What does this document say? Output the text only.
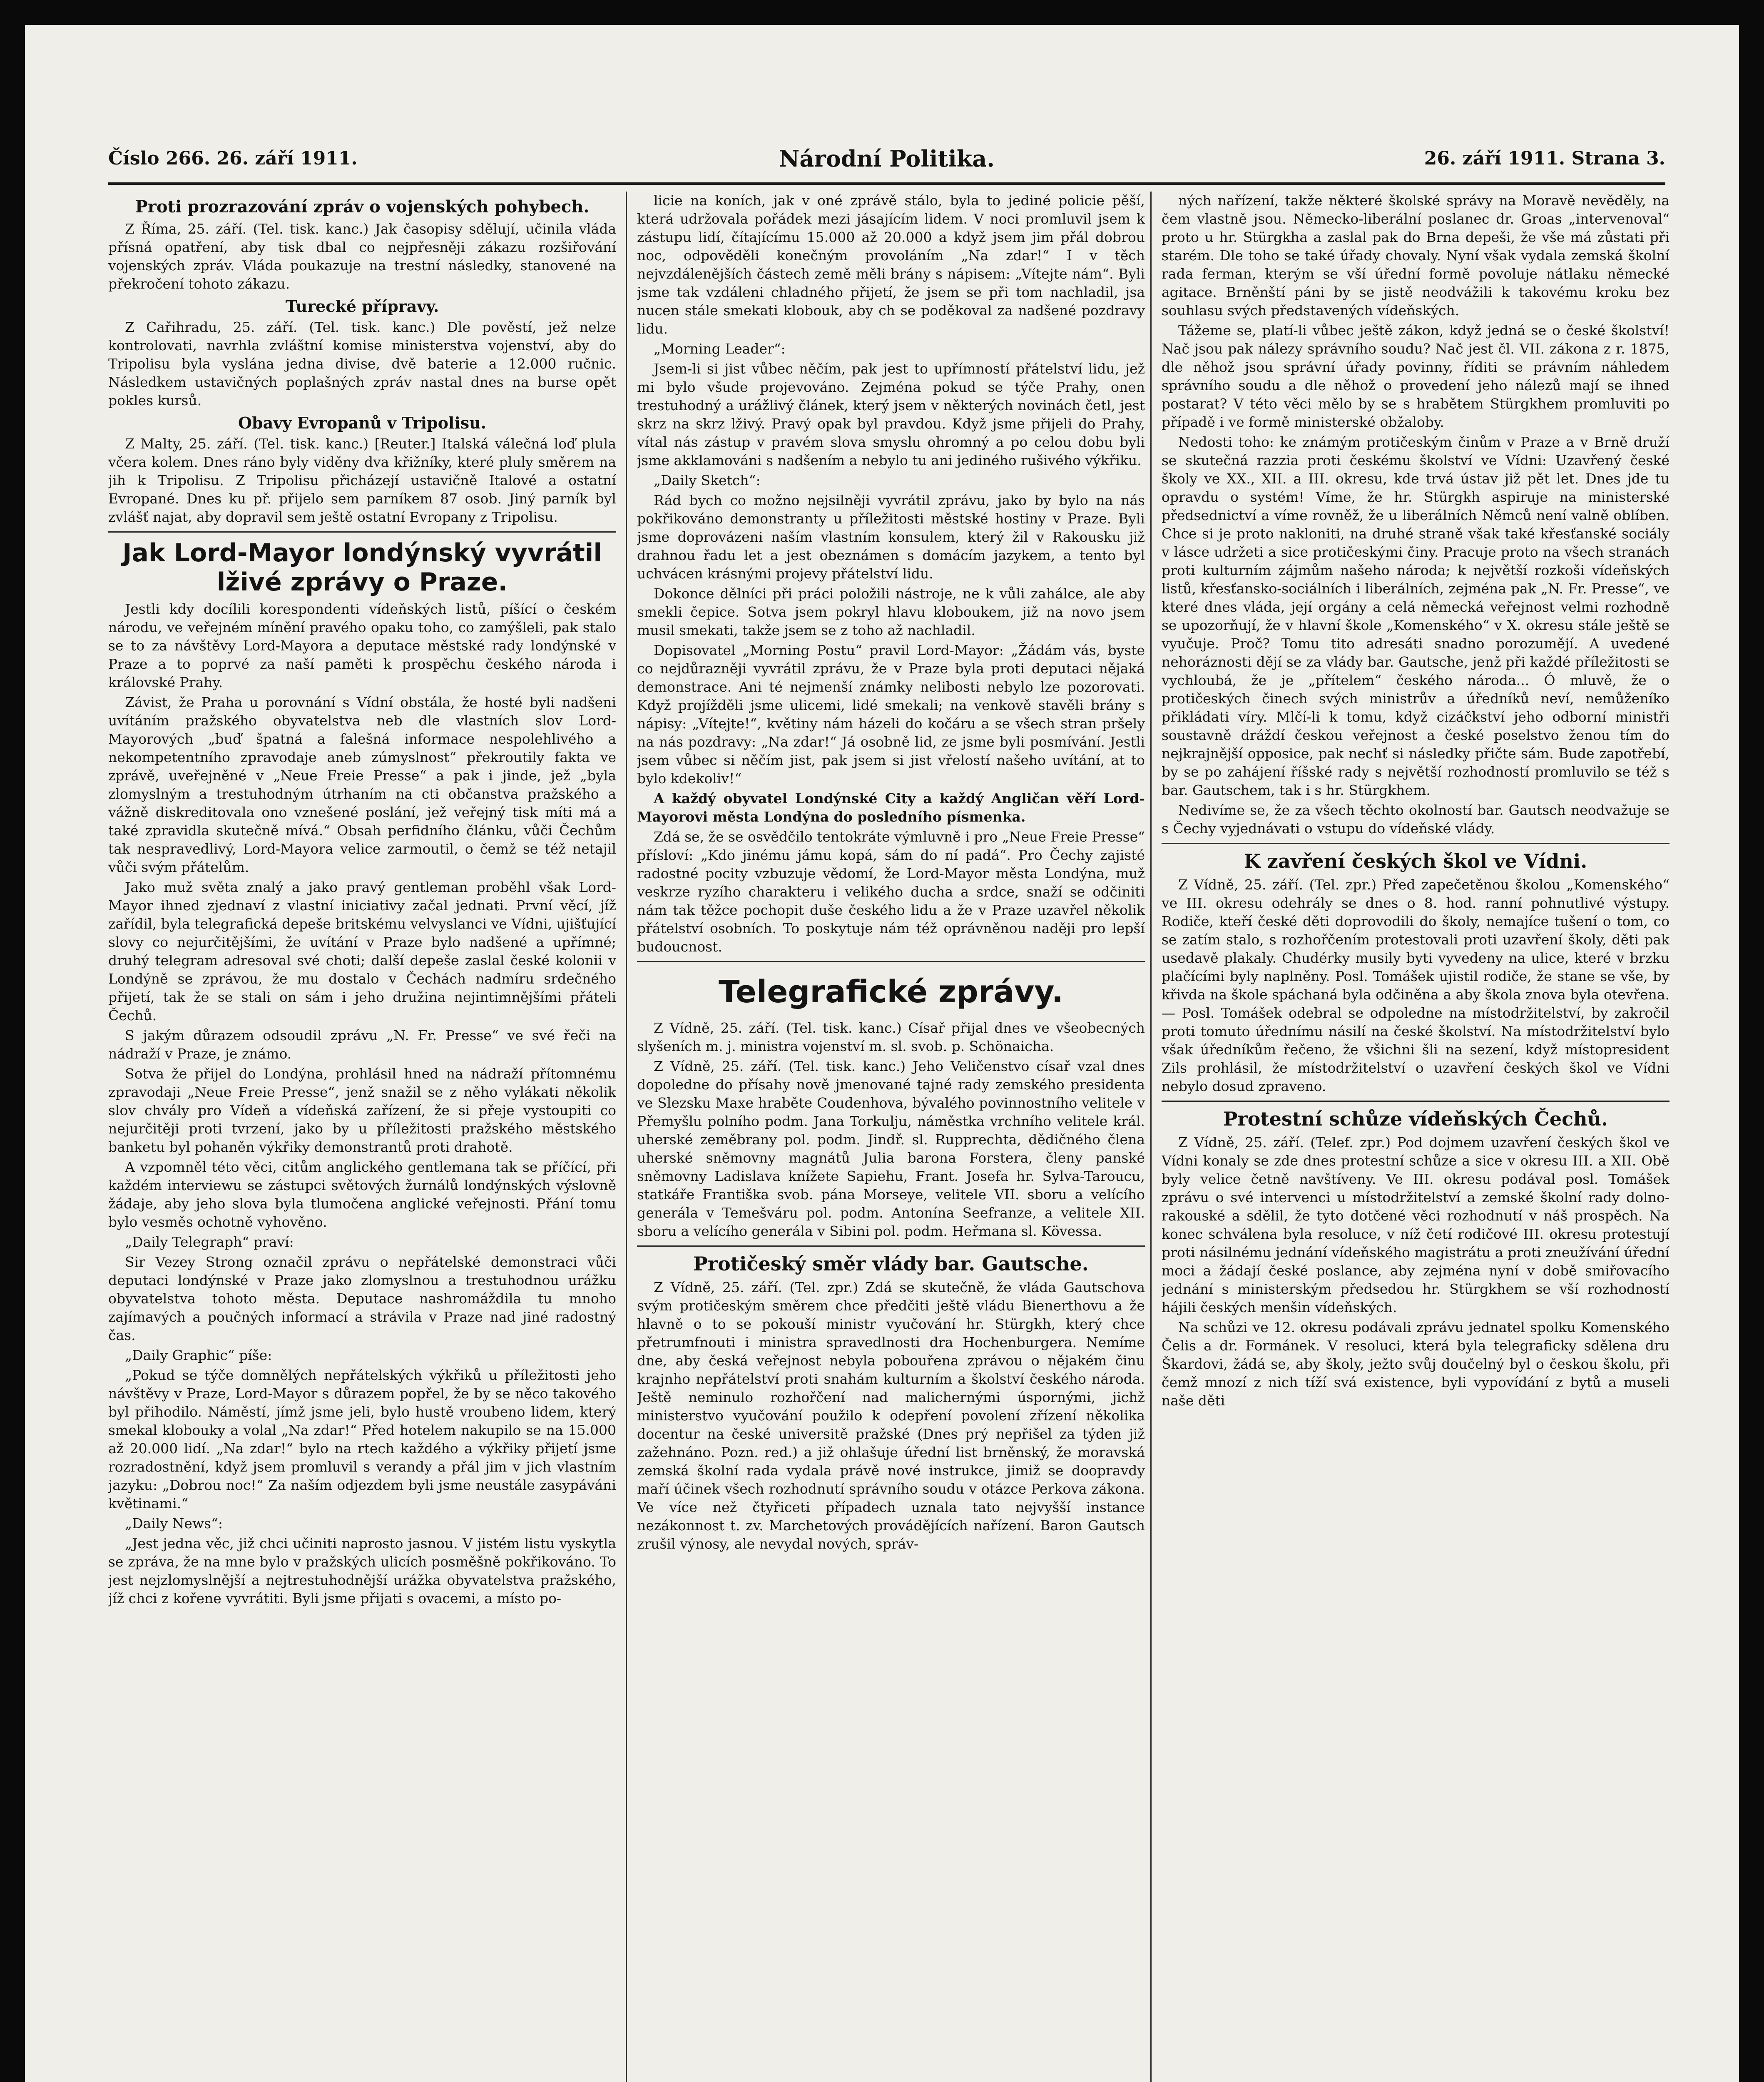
Číslo 266. 26. září 1911.	Národní Politika.	26. září 1911. Strana 3.
Proti prozrazování zpráv o vojenských pohybech.

Z Říma, 25. září. (Tel. tisk. kanc.) Jak časopisy sdělují, učinila vláda přísná opatření, aby tisk dbal co nejpřesněji zákazu rozšiřování vojenských zpráv. Vláda poukazuje na trestní následky, stanovené na překročení tohoto zákazu.

Turecké přípravy.

Z Cařihradu, 25. září. (Tel. tisk. kanc.) Dle pověstí, jež nelze kontrolovati, navrhla zvláštní komise ministerstva vojenství, aby do Tripolisu byla vyslána jedna divise, dvě baterie a 12.000 ručnic. Následkem ustavičných poplašných zpráv nastal dnes na burse opět pokles kursů.

Obavy Evropanů v Tripolisu.

Z Malty, 25. září. (Tel. tisk. kanc.) [Reuter.] Italská válečná loď plula včera kolem. Dnes ráno byly viděny dva křižníky, které pluly směrem na jih k Tripolisu. Z Tripolisu přicházejí ustavičně Italové a ostatní Evropané. Dnes ku př. přijelo sem parníkem 87 osob. Jiný parník byl zvlášť najat, aby dopravil sem ještě ostatní Evropany z Tripolisu.

Jak Lord-Mayor londýnský vyvrátil lživé zprávy o Praze.

Jestli kdy docílili korespondenti vídeňských listů, píšící o českém národu, ve veřejném mínění pravého opaku toho, co zamýšleli, pak stalo se to za návštěvy Lord-Mayora a deputace městské rady londýnské v Praze a to poprvé za naší paměti k prospěchu českého národa i královské Prahy.

Závist, že Praha u porovnání s Vídní obstála, že hosté byli nadšeni uvítáním pražského obyvatelstva neb dle vlastních slov Lord-Mayorových „buď špatná a falešná informace nespolehlivého a nekompetentního zpravodaje aneb zúmyslnost“ překroutily fakta ve zprávě, uveřejněné v „Neue Freie Presse“ a pak i jinde, jež „byla zlomyslným a trestuhodným útrhaním na cti občanstva pražského a vážně diskreditovala ono vznešené poslání, jež veřejný tisk míti má a také zpravidla skutečně mívá.“ Obsah perfidního článku, vůči Čechům tak nespravedlivý, Lord-Mayora velice zarmoutil, o čemž se též netajil vůči svým přátelům.

Jako muž světa znalý a jako pravý gentleman proběhl však Lord-Mayor ihned zjednaví z vlastní iniciativy začal jednati. První věcí, jíž zařídil, byla telegrafická depeše britskému velvyslanci ve Vídni, ujišťující slovy co nejurčitějšími, že uvítání v Praze bylo nadšené a upřímné; druhý telegram adresoval své choti; další depeše zaslal české kolonii v Londýně se zprávou, že mu dostalo v Čechách nadmíru srdečného přijetí, tak že se stali on sám i jeho družina nejintimnějšími přáteli Čechů.

S jakým důrazem odsoudil zprávu „N. Fr. Presse“ ve své řeči na nádraží v Praze, je známo.

Sotva že přijel do Londýna, prohlásil hned na nádraží přítomnému zpravodaji „Neue Freie Presse“, jenž snažil se z něho vylákati několik slov chvály pro Vídeň a vídeňská zařízení, že si přeje vystoupiti co nejurčitěji proti tvrzení, jako by u příležitosti pražského městského banketu byl pohaněn výkřiky demonstrantů proti drahotě.

A vzpomněl této věci, citům anglického gentlemana tak se příčící, při každém interviewu se zástupci světových žurnálů londýnských výslovně žádaje, aby jeho slova byla tlumočena anglické veřejnosti. Přání tomu bylo vesměs ochotně vyhověno.

„Daily Telegraph“ praví:

Sir Vezey Strong označil zprávu o nepřátelské demonstraci vůči deputaci londýnské v Praze jako zlomyslnou a trestuhodnou urážku obyvatelstva tohoto města. Deputace nashromáždila tu mnoho zajímavých a poučných informací a strávila v Praze nad jiné radostný čas.

„Daily Graphic“ píše:

„Pokud se týče domnělých nepřátelských výkřiků u příležitosti jeho návštěvy v Praze, Lord-Mayor s důrazem popřel, že by se něco takového byl přihodilo. Náměstí, jímž jsme jeli, bylo hustě vroubeno lidem, který smekal klobouky a volal „Na zdar!“ Před hotelem nakupilo se na 15.000 až 20.000 lidí. „Na zdar!“ bylo na rtech každého a výkřiky přijetí jsme rozradostnění, když jsem promluvil s verandy a přál jim v jich vlastním jazyku: „Dobrou noc!“ Za naším odjezdem byli jsme neustále zasypáváni květinami.“

„Daily News“:

„Jest jedna věc, již chci učiniti naprosto jasnou. V jistém listu vyskytla se zpráva, že na mne bylo v pražských ulicích posměšně pokřikováno. To jest nejzlomyslnější a nejtrestuhodnější urážka obyvatelstva pražského, jíž chci z kořene vyvrátiti. Byli jsme přijati s ovacemi, a místo po-

licie na koních, jak v oné zprávě stálo, byla to jediné policie pěší, která udržovala pořádek mezi jásajícím lidem. V noci promluvil jsem k zástupu lidí, čítajícímu 15.000 až 20.000 a když jsem jim přál dobrou noc, odpověděli konečným provoláním „Na zdar!“ I v těch nejvzdálenějších částech země měli brány s nápisem: „Vítejte nám“. Byli jsme tak vzdáleni chladného přijetí, že jsem se při tom nachladil, jsa nucen stále smekati klobouk, aby ch se poděkoval za nadšené pozdravy lidu.

„Morning Leader“:

Jsem-li si jist vůbec něčím, pak jest to upřímností přátelství lidu, jež mi bylo všude projevováno. Zejména pokud se týče Prahy, onen trestuhodný a urážlivý článek, který jsem v některých novinách četl, jest skrz na skrz lživý. Pravý opak byl pravdou. Když jsme přijeli do Prahy, vítal nás zástup v pravém slova smyslu ohromný a po celou dobu byli jsme akklamováni s nadšením a nebylo tu ani jediného rušivého výkřiku.

„Daily Sketch“:

Rád bych co možno nejsilněji vyvrátil zprávu, jako by bylo na nás pokřikováno demonstranty u příležitosti městské hostiny v Praze. Byli jsme doprovázeni naším vlastním konsulem, který žil v Rakousku již drahnou řadu let a jest obeznámen s domácím jazykem, a tento byl uchvácen krásnými projevy přátelství lidu.

Dokonce dělníci při práci položili nástroje, ne k vůli zahálce, ale aby smekli čepice. Sotva jsem pokryl hlavu kloboukem, již na novo jsem musil smekati, takže jsem se z toho až nachladil.

Dopisovatel „Morning Postu“ pravil Lord-Mayor: „Žádám vás, byste co nejdůrazněji vyvrátil zprávu, že v Praze byla proti deputaci nějaká demonstrace. Ani té nejmenší známky nelibosti nebylo lze pozorovati. Když projížděli jsme ulicemi, lidé smekali; na venkově stavěli brány s nápisy: „Vítejte!“, květiny nám házeli do kočáru a se všech stran pršely na nás pozdravy: „Na zdar!“ Já osobně lid, ze jsme byli posmívání. Jestli jsem vůbec si něčím jist, pak jsem si jist vřelostí našeho uvítání, at to bylo kdekoliv!“

A každý obyvatel Londýnské City a každý Angličan věří Lord-Mayorovi města Londýna do posledního písmenka.

Zdá se, že se osvědčilo tentokráte výmluvně i pro „Neue Freie Presse“ přísloví: „Kdo jinému jámu kopá, sám do ní padá“. Pro Čechy zajisté radostné pocity vzbuzuje vědomí, že Lord-Mayor města Londýna, muž veskrze ryzího charakteru i velikého ducha a srdce, snaží se odčiniti nám tak těžce pochopit duše českého lidu a že v Praze uzavřel několik přátelství osobních. To poskytuje nám též oprávněnou naději pro lepší budoucnost.

Telegrafické zprávy.

Z Vídně, 25. září. (Tel. tisk. kanc.) Císař přijal dnes ve všeobecných slyšeních m. j. ministra vojenství m. sl. svob. p. Schönaicha.

Z Vídně, 25. září. (Tel. tisk. kanc.) Jeho Veličenstvo císař vzal dnes dopoledne do přísahy nově jmenované tajné rady zemského presidenta ve Slezsku Maxe hraběte Coudenhova, bývalého povinnostního velitele v Přemyšlu polního podm. Jana Torkulju, náměstka vrchního velitele král. uherské zeměbrany pol. podm. Jindř. sl. Rupprechta, dědičného člena uherské sněmovny magnátů Julia barona Forstera, členy panské sněmovny Ladislava knížete Sapiehu, Frant. Josefa hr. Sylva-Taroucu, statkáře Františka svob. pána Morseye, velitele VII. sboru a velícího generála v Temešváru pol. podm. Antonína Seefranze, a velitele XII. sboru a velícího generála v Sibini pol. podm. Heřmana sl. Kövessa.

Protičeský směr vlády bar. Gautsche.

Z Vídně, 25. září. (Tel. zpr.) Zdá se skutečně, že vláda Gautschova svým protičeským směrem chce předčiti ještě vládu Bienerthovu a že hlavně o to se pokouší ministr vyučování hr. Stürgkh, který chce přetrumfnouti i ministra spravedlnosti dra Hochenburgera. Nemíme dne, aby česká veřejnost nebyla pobouřena zprávou o nějakém činu krajnho nepřátelství proti snahám kulturním a školství českého národa. Ještě neminulo rozhořčení nad malichernými úspornými, jichž ministerstvo vyučování použilo k odepření povolení zřízení několika docentur na české universitě pražské (Dnes prý nepřišel za týden již zažehnáno. Pozn. red.) a již ohlašuje úřední list brněnský, že moravská zemská školní rada vydala právě nové instrukce, jimiž se doopravdy maří účinek všech rozhodnutí správního soudu v otázce Perkova zákona. Ve více než čtyřiceti případech uznala tato nejvyšší instance nezákonnost t. zv. Marchetových provádějících nařízení. Baron Gautsch zrušil výnosy, ale nevydal nových, správ-

ných nařízení, takže některé školské správy na Moravě nevěděly, na čem vlastně jsou. Německo-liberální poslanec dr. Groas „intervenoval“ proto u hr. Stürgkha a zaslal pak do Brna depeši, že vše má zůstati při starém. Dle toho se také úřady chovaly. Nyní však vydala zemská školní rada ferman, kterým se vší úřední formě povoluje nátlaku německé agitace. Brněnští páni by se jistě neodvážili k takovému kroku bez souhlasu svých představených vídeňských.

Tážeme se, platí-li vůbec ještě zákon, když jedná se o české školství! Nač jsou pak nálezy správního soudu? Nač jest čl. VII. zákona z r. 1875, dle něhož jsou správní úřady povinny, říditi se právním náhledem správního soudu a dle něhož o provedení jeho nálezů mají se ihned postarat? V této věci mělo by se s hrabětem Stürgkhem promluviti po případě i ve formě ministerské obžaloby.

Nedosti toho: ke známým protičeským činům v Praze a v Brně druží se skutečná razzia proti českému školství ve Vídni: Uzavřený české školy ve XX., XII. a III. okresu, kde trvá ústav již pět let. Dnes jde tu opravdu o systém! Víme, že hr. Stürgkh aspiruje na ministerské předsednictví a víme rovněž, že u liberálních Němců není valně oblíben. Chce si je proto nakloniti, na druhé straně však také křesťanské sociály v lásce udržeti a sice protičeskými činy. Pracuje proto na všech stranách proti kulturním zájmům našeho národa; k největší rozkoši vídeňských listů, křesťansko-sociálních i liberálních, zejména pak „N. Fr. Presse“, ve které dnes vláda, její orgány a celá německá veřejnost velmi rozhodně se upozorňují, že v hlavní škole „Komenského“ v X. okresu stále ještě se vyučuje. Proč? Tomu tito adresáti snadno porozumějí. A uvedené nehoráznosti dějí se za vlády bar. Gautsche, jenž při každé příležitosti se vychloubá, že je „přítelem“ českého národa... Ó mluvě, že o protičeských činech svých ministrův a úředníků neví, nemůženíko přikládati víry. Mlčí-li k tomu, když cizáčkství jeho odborní ministři soustavně dráždí českou veřejnost a české poselstvo ženou tím do nejkrajnější opposice, pak nechť si následky přičte sám. Bude zapotřebí, by se po zahájení říšské rady s největší rozhodností promluvilo se též s bar. Gautschem, tak i s hr. Stürgkhem.

Nedivíme se, že za všech těchto okolností bar. Gautsch neodvažuje se s Čechy vyjednávati o vstupu do vídeňské vlády.

K zavření českých škol ve Vídni.

Z Vídně, 25. září. (Tel. zpr.) Před zapečetěnou školou „Komenského“ ve III. okresu odehrály se dnes o 8. hod. ranní pohnutlivé výstupy. Rodiče, kteří české děti doprovodili do školy, nemajíce tušení o tom, co se zatím stalo, s rozhořčením protestovali proti uzavření školy, děti pak usedavě plakaly. Chudérky musily byti vyvedeny na ulice, které v brzku plačícími byly naplněny. Posl. Tomášek ujistil rodiče, že stane se vše, by křivda na škole spáchaná byla odčiněna a aby škola znova byla otevřena. — Posl. Tomášek odebral se odpoledne na místodržitelství, by zakročil proti tomuto úřednímu násilí na české školství. Na místodržitelství bylo však úředníkům řečeno, že všichni šli na sezení, když místopresident Zils prohlásil, že místodržitelství o uzavření českých škol ve Vídni nebylo dosud zpraveno.

Protestní schůze vídeňských Čechů.

Z Vídně, 25. září. (Telef. zpr.) Pod dojmem uzavření českých škol ve Vídni konaly se zde dnes protestní schůze a sice v okresu III. a XII. Obě byly velice četně navštíveny. Ve III. okresu podával posl. Tomášek zprávu o své intervenci u místodržitelství a zemské školní rady dolno-rakouské a sdělil, že tyto dotčené věci rozhodnutí v náš prospěch. Na konec schválena byla resoluce, v níž četí rodičové III. okresu protestují proti násilnému jednání vídeňského magistrátu a proti zneužívání úřední moci a žádají české poslance, aby zejména nyní v době smiřovacího jednání s ministerským předsedou hr. Stürgkhem se vší rozhodností hájili českých menšin vídeňských.

Na schůzi ve 12. okresu podávali zprávu jednatel spolku Komenského Čelis a dr. Formánek. V resoluci, která byla telegraficky sdělena dru Škardovi, žádá se, aby školy, ježto svůj doučelný byl o českou školu, při čemž mnozí z nich tíží svá existence, byli vypovídání z bytů a museli naše děti
